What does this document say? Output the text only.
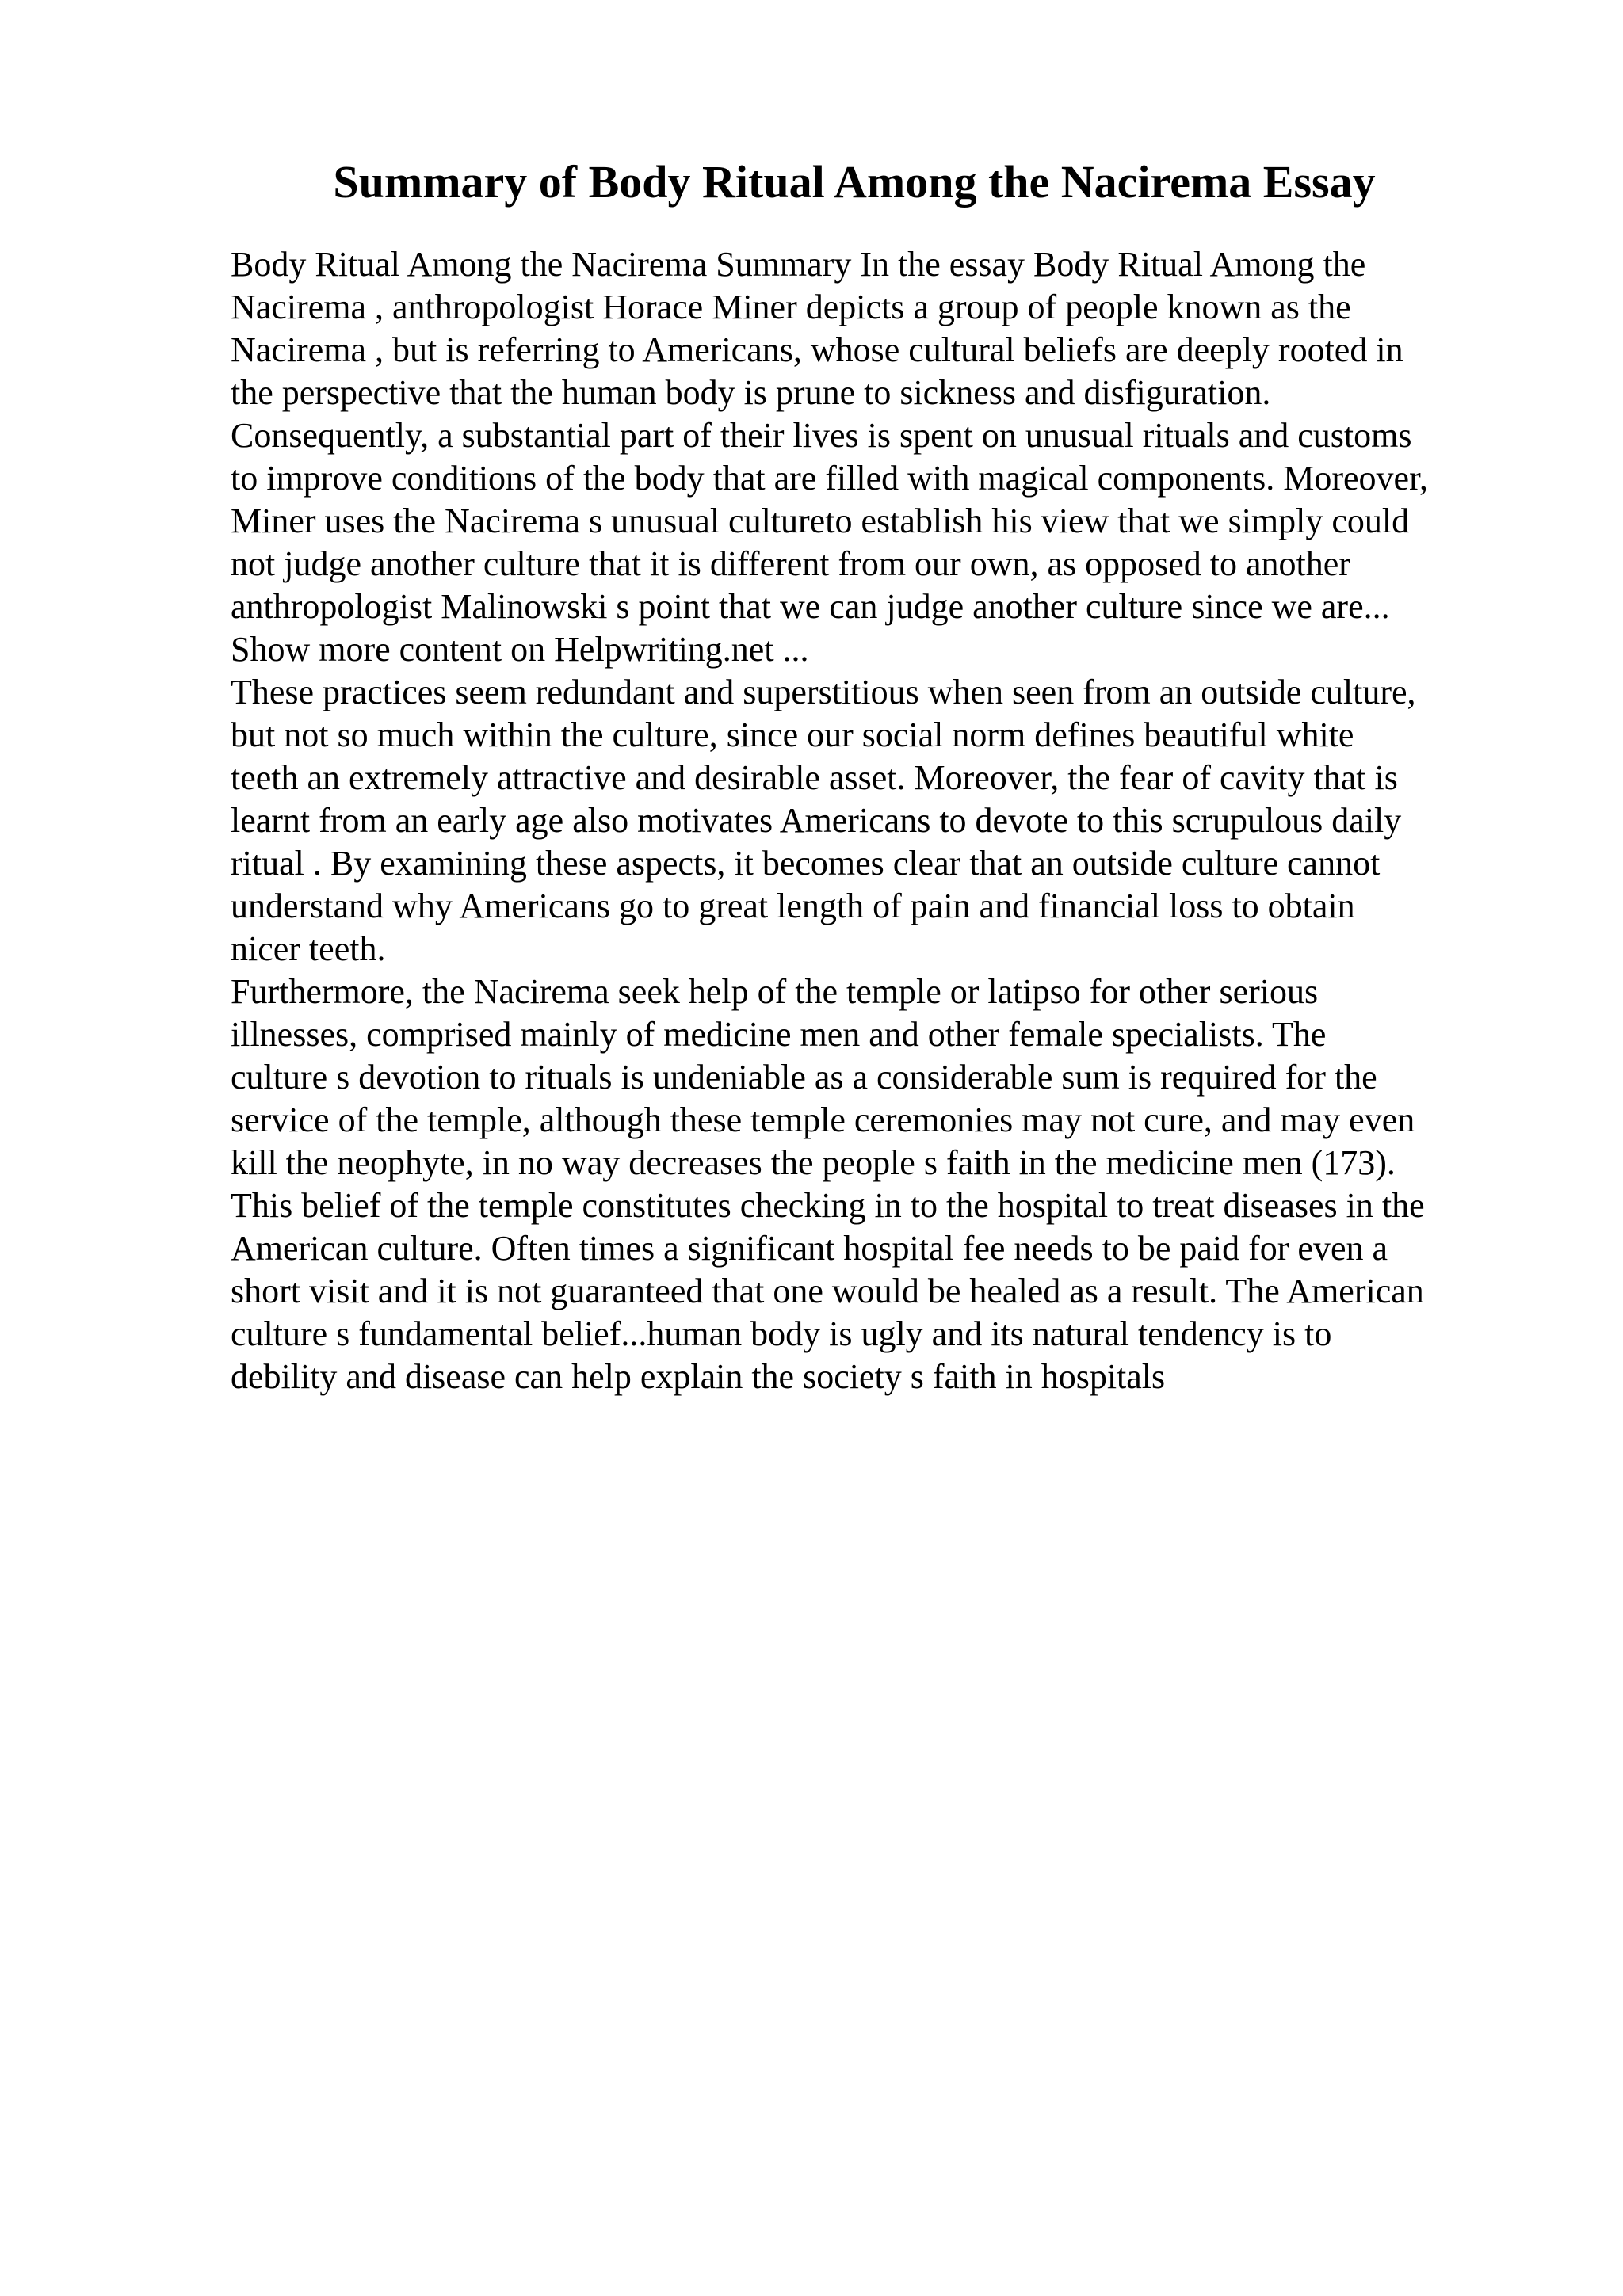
Summary of Body Ritual Among the Nacirema Essay
Body Ritual Among the Nacirema Summary In the essay Body Ritual Among the
Nacirema , anthropologist Horace Miner depicts a group of people known as the
Nacirema , but is referring to Americans, whose cultural beliefs are deeply rooted in
the perspective that the human body is prune to sickness and disfiguration.
Consequently, a substantial part of their lives is spent on unusual rituals and customs
to improve conditions of the body that are filled with magical components. Moreover,
Miner uses the Nacirema s unusual cultureto establish his view that we simply could
not judge another culture that it is different from our own, as opposed to another
anthropologist Malinowski s point that we can judge another culture since we are...
Show more content on Helpwriting.net ...
These practices seem redundant and superstitious when seen from an outside culture,
but not so much within the culture, since our social norm defines beautiful white
teeth an extremely attractive and desirable asset. Moreover, the fear of cavity that is
learnt from an early age also motivates Americans to devote to this scrupulous daily
ritual . By examining these aspects, it becomes clear that an outside culture cannot
understand why Americans go to great length of pain and financial loss to obtain
nicer teeth.
Furthermore, the Nacirema seek help of the temple or latipso for other serious
illnesses, comprised mainly of medicine men and other female specialists. The
culture s devotion to rituals is undeniable as a considerable sum is required for the
service of the temple, although these temple ceremonies may not cure, and may even
kill the neophyte, in no way decreases the people s faith in the medicine men (173).
This belief of the temple constitutes checking in to the hospital to treat diseases in the
American culture. Often times a significant hospital fee needs to be paid for even a
short visit and it is not guaranteed that one would be healed as a result. The American
culture s fundamental belief...human body is ugly and its natural tendency is to
debility and disease can help explain the society s faith in hospitals
